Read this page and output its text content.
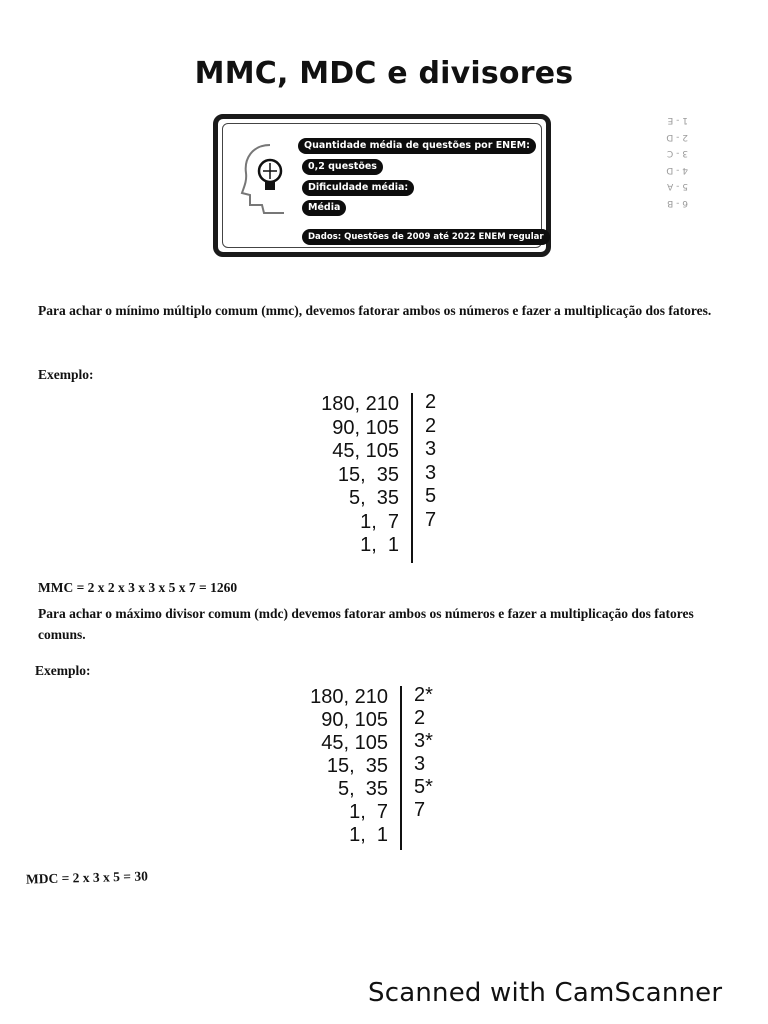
MMC, MDC e divisores
Quantidade média de questões por ENEM:
0,2 questões
Dificuldade média:
Média
Dados: Questões de 2009 até 2022 ENEM regular
6 - B
5 - A
4 - D
3 - C
2 - D
1 - E
Para achar o mínimo múltiplo comum (mmc), devemos fatorar ambos os números e fazer a multiplicação dos fatores.
Exemplo:
180, 210 2
90, 105 2
45, 105 3
15,  35 3
5,  35 5
1,  7 7
1,  1
MMC = 2 x 2 x 3 x 3 x 5 x 7 = 1260
Para achar o máximo divisor comum (mdc) devemos fatorar ambos os números e fazer a multiplicação dos fatores comuns.
Exemplo:
180, 210 2*
90, 105 2
45, 105 3*
15,  35 3
5,  35 5*
1,  7 7
1,  1
MDC = 2 x 3 x 5 = 30
Scanned with CamScanner
